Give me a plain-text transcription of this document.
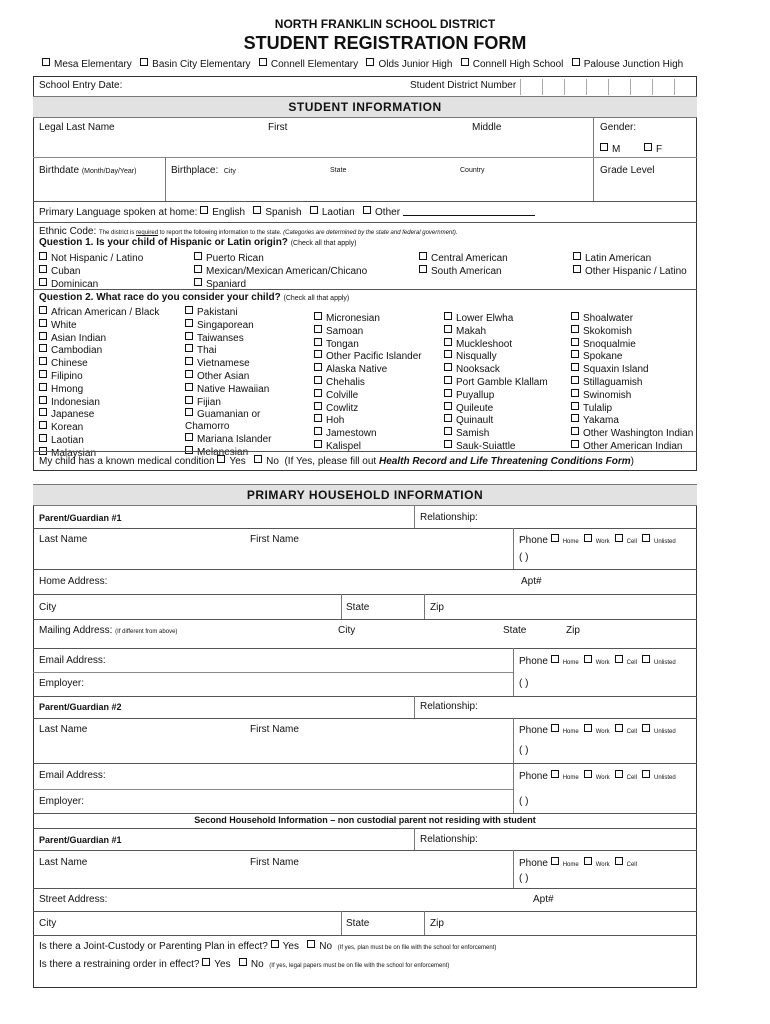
NORTH FRANKLIN SCHOOL DISTRICT
STUDENT REGISTRATION FORM
Mesa Elementary Basin City Elementary Connell Elementary Olds Junior High Connell High School Palouse Junction High
School Entry Date:	Student District Number
STUDENT INFORMATION
Legal Last Name	First	Middle	Gender:
M	F
Birthdate (Month/Day/Year)	Birthplace: City	State	Country	Grade Level
Primary Language spoken at home: English Spanish Laotian Other
Ethnic Code: The district is required to report the following information to the state. (Categories are determined by the state and federal government).
Question 1. Is your child of Hispanic or Latin origin? (Check all that apply)
Not Hispanic / Latino
Cuban
Dominican
Puerto Rican
Mexican/Mexican American/Chicano
Spaniard
Central American
South American
Latin American
Other Hispanic / Latino
Question 2. What race do you consider your child? (Check all that apply)
African American / Black
White
Asian Indian
Cambodian
Chinese
Filipino
Hmong
Indonesian
Japanese
Korean
Laotian
Malaysian
Pakistani
Singaporean
Taiwanses
Thai
Vietnamese
Other Asian
Native Hawaiian
Fijian
Guamanian or
Chamorro
Mariana Islander
Melanesian
Micronesian
Samoan
Tongan
Other Pacific Islander
Alaska Native
Chehalis
Colville
Cowlitz
Hoh
Jamestown
Kalispel
Lower Elwha
Makah
Muckleshoot
Nisqually
Nooksack
Port Gamble Klallam
Puyallup
Quileute
Quinault
Samish
Sauk-Suiattle
Shoalwater
Skokomish
Snoqualmie
Spokane
Squaxin Island
Stillaguamish
Swinomish
Tulalip
Yakama
Other Washington Indian
Other American Indian
My child has a known medical condition Yes No (If Yes, please fill out Health Record and Life Threatening Conditions Form)
PRIMARY HOUSEHOLD INFORMATION
Parent/Guardian #1	Relationship:
Last Name	First Name	Phone Home	Work	Cell	Unlisted
( )
Home Address:	Apt#
City	State	Zip
Mailing Address: (If different from above)	City	State	Zip
Email Address:	Phone Home	Work	Cell	Unlisted
Employer:	( )
Parent/Guardian #2	Relationship:
Last Name	First Name	Phone Home	Work	Cell	Unlisted
( )
Email Address:	Phone Home	Work	Cell	Unlisted
Employer:	( )
Second Household Information – non custodial parent not residing with student
Parent/Guardian #1	Relationship:
Last Name	First Name	Phone Home	Work	Cell
( )
Street Address:	Apt#
City	State	Zip
Is there a Joint-Custody or Parenting Plan in effect? Yes No (If yes, plan must be on file with the school for enforcement)
Is there a restraining order in effect? Yes No (If yes, legal papers must be on file with the school for enforcement)
